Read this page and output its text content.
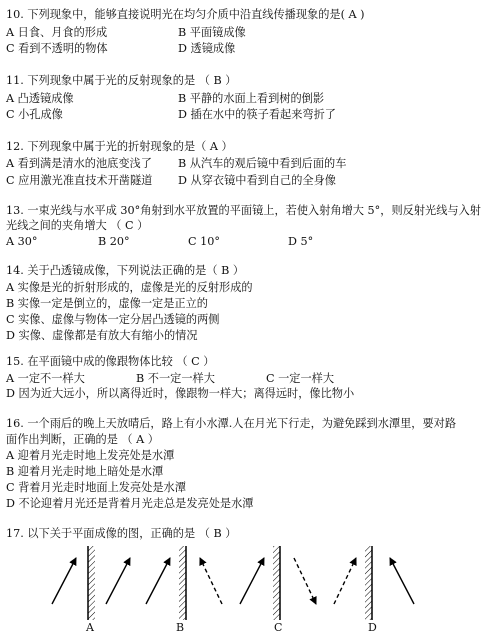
10. 下列现象中，能够直接说明光在均匀介质中沿直线传播现象的是( A )
A 日食、月食的形成	B 平面镜成像
C 看到不透明的物体	D 透镜成像
11. 下列现象中属于光的反射现象的是 （ B ）
A 凸透镜成像	B 平静的水面上看到树的倒影
C 小孔成像	D 插在水中的筷子看起来弯折了
12. 下列现象中属于光的折射现象的是（ A ）
A 看到满是清水的池底变浅了 B 从汽车的观后镜中看到后面的车
C 应用激光准直技术开凿隧道 D 从穿衣镜中看到自己的全身像
13. 一束光线与水平成 30°角射到水平放置的平面镜上，若使入射角增大 5°，则反射光线与入射
光线之间的夹角增大 （ C ）
A 30°	B 20°	C 10°	D 5°
14. 关于凸透镜成像，下列说法正确的是（ B ）
A 实像是光的折射形成的，虚像是光的反射形成的
B 实像一定是倒立的，虚像一定是正立的
C 实像、虚像与物体一定分居凸透镜的两侧
D 实像、虚像都是有放大有缩小的情况
15. 在平面镜中成的像跟物体比较 （ C ）
A 一定不一样大	B 不一定一样大	C 一定一样大
D 因为近大远小，所以离得近时，像跟物一样大；离得远时，像比物小
16. 一个雨后的晚上天放晴后，路上有小水潭.人在月光下行走，为避免踩到水潭里，要对路
面作出判断，正确的是 （ A ）
A 迎着月光走时地上发亮处是水潭
B 迎着月光走时地上暗处是水潭
C 背着月光走时地面上发亮处是水潭
D 不论迎着月光还是背着月光走总是发亮处是水潭
17. 以下关于平面成像的图，正确的是 （ B ）
A	B	C	D
